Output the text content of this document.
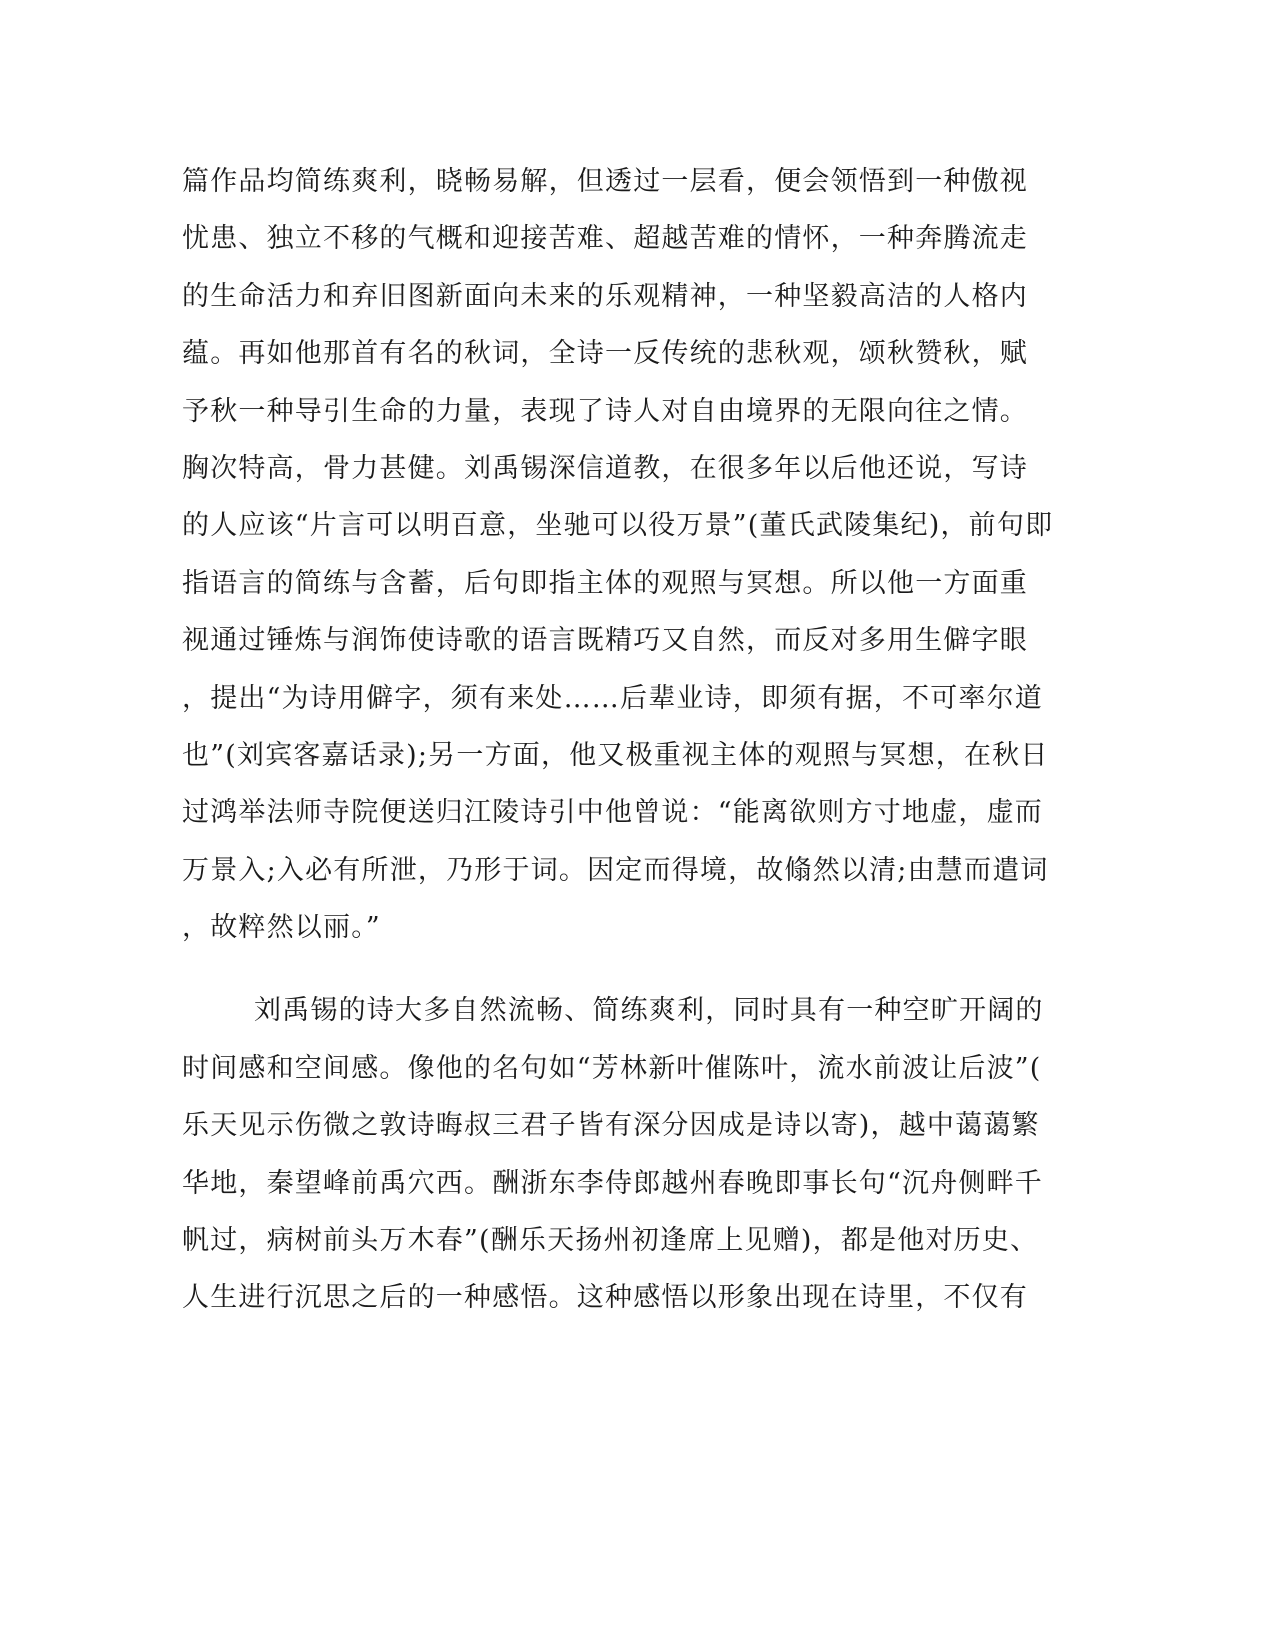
篇作品均简练爽利，晓畅易解，但透过一层看，便会领悟到一种傲视
忧患、独立不移的气概和迎接苦难、超越苦难的情怀，一种奔腾流走
的生命活力和弃旧图新面向未来的乐观精神，一种坚毅高洁的人格内
蕴。再如他那首有名的秋词，全诗一反传统的悲秋观，颂秋赞秋，赋
予秋一种导引生命的力量，表现了诗人对自由境界的无限向往之情。
胸次特高，骨力甚健。刘禹锡深信道教，在很多年以后他还说，写诗
的人应该“片言可以明百意，坐驰可以役万景”(董氏武陵集纪)，前句即
指语言的简练与含蓄，后句即指主体的观照与冥想。所以他一方面重
视通过锤炼与润饰使诗歌的语言既精巧又自然，而反对多用生僻字眼
，提出“为诗用僻字，须有来处……后辈业诗，即须有据，不可率尔道
也”(刘宾客嘉话录);另一方面，他又极重视主体的观照与冥想，在秋日
过鸿举法师寺院便送归江陵诗引中他曾说：“能离欲则方寸地虚，虚而
万景入;入必有所泄，乃形于词。因定而得境，故翛然以清;由慧而遣词
，故粹然以丽。”
刘禹锡的诗大多自然流畅、简练爽利，同时具有一种空旷开阔的
时间感和空间感。像他的名句如“芳林新叶催陈叶，流水前波让后波”(
乐天见示伤微之敦诗晦叔三君子皆有深分因成是诗以寄)，越中蔼蔼繁
华地，秦望峰前禹穴西。酬浙东李侍郎越州春晚即事长句“沉舟侧畔千
帆过，病树前头万木春”(酬乐天扬州初逢席上见赠)，都是他对历史、
人生进行沉思之后的一种感悟。这种感悟以形象出现在诗里，不仅有
